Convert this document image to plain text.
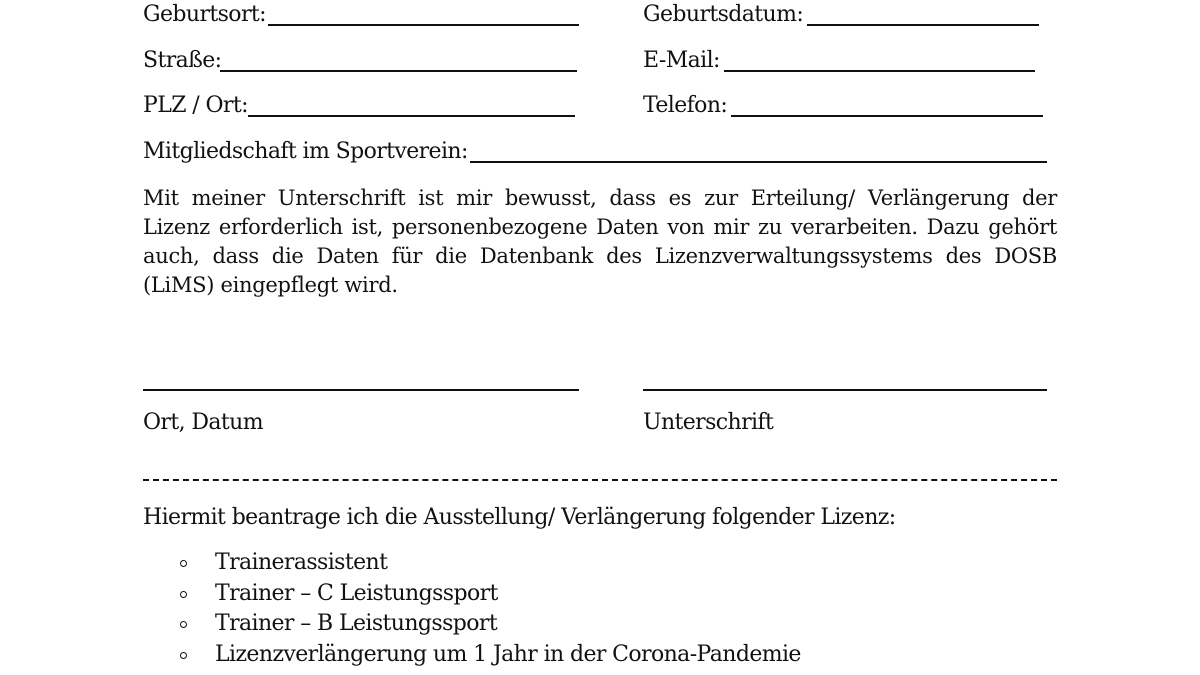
Geburtsort:	Geburtsdatum:
Straße:	E-Mail:
PLZ / Ort:	Telefon:
Mitgliedschaft im Sportverein:

Mit meiner Unterschrift ist mir bewusst, dass es zur Erteilung/ Verlängerung der Lizenz erforderlich ist, personenbezogene Daten von mir zu verarbeiten. Dazu gehört auch, dass die Daten für die Datenbank des Lizenzverwaltungssystems des DOSB (LiMS) eingepflegt wird.

Ort, Datum	Unterschrift
Hiermit beantrage ich die Ausstellung/ Verlängerung folgender Lizenz:
Trainerassistent
Trainer – C Leistungssport
Trainer – B Leistungssport
Lizenzverlängerung um 1 Jahr in der Corona-Pandemie
